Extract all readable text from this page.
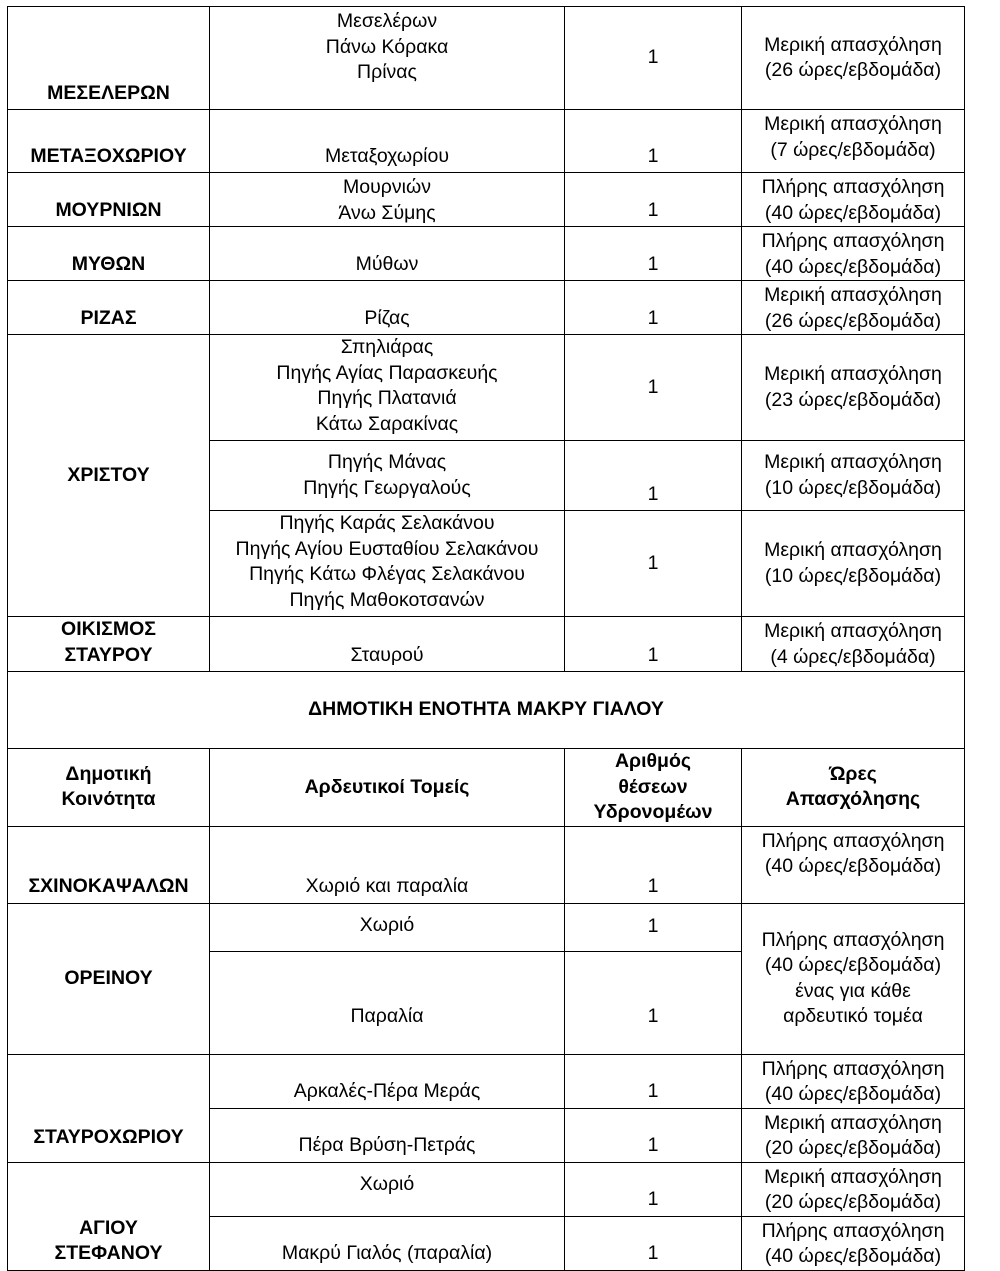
ΜΕΣΕΛΕΡΩΝ	Μεσελέρων
Πάνω Κόρακα
Πρίνας	1	Μερική απασχόληση
(26 ώρες/εβδομάδα)

ΜΕΤΑΞΟΧΩΡΙΟΥ	Μεταξοχωρίου	1	Μερική απασχόληση
(7 ώρες/εβδομάδα)

ΜΟΥΡΝΙΩΝ	Μουρνιών
Άνω Σύμης	1	Πλήρης απασχόληση
(40 ώρες/εβδομάδα)

ΜΥΘΩΝ	Μύθων	1	Πλήρης απασχόληση
(40 ώρες/εβδομάδα)

ΡΙΖΑΣ	Ρίζας	1	Μερική απασχόληση
(26 ώρες/εβδομάδα)

ΧΡΙΣΤΟΥ	Σπηλιάρας
Πηγής Αγίας Παρασκευής
Πηγής Πλατανιά
Κάτω Σαρακίνας	1	Μερική απασχόληση
(23 ώρες/εβδομάδα)

	Πηγής Μάνας
Πηγής Γεωργαλούς	1	Μερική απασχόληση
(10 ώρες/εβδομάδα)

	Πηγής Καράς Σελακάνου
Πηγής Αγίου Ευσταθίου Σελακάνου
Πηγής Κάτω Φλέγας Σελακάνου
Πηγής Μαθοκοτσανών	1	Μερική απασχόληση
(10 ώρες/εβδομάδα)

ΟΙΚΙΣΜΟΣ
ΣΤΑΥΡΟΥ	Σταυρού	1	Μερική απασχόληση
(4 ώρες/εβδομάδα)

ΔΗΜΟΤΙΚΗ ΕΝΟΤΗΤΑ ΜΑΚΡΥ ΓΙΑΛΟΥ			

Δημοτική
Κοινότητα	Αρδευτικοί Τομείς	Αριθμός
θέσεων
Υδρονομέων	Ώρες
Απασχόλησης

ΣΧΙΝΟΚΑΨΑΛΩΝ	Χωριό και παραλία	1	Πλήρης απασχόληση
(40 ώρες/εβδομάδα)

ΟΡΕΙΝΟΥ	Χωριό	1	Πλήρης απασχόληση
(40 ώρες/εβδομάδα)
ένας για κάθε
αρδευτικό τομέα

	Παραλία	1	
ΣΤΑΥΡΟΧΩΡΙΟΥ	Αρκαλές-Πέρα Μεράς	1	Πλήρης απασχόληση
(40 ώρες/εβδομάδα)

	Πέρα Βρύση-Πετράς	1	Μερική απασχόληση
(20 ώρες/εβδομάδα)

ΑΓΙΟΥ
ΣΤΕΦΑΝΟΥ	Χωριό	1	Μερική απασχόληση
(20 ώρες/εβδομάδα)

	Μακρύ Γιαλός (παραλία)	1	Πλήρης απασχόληση
(40 ώρες/εβδομάδα)
